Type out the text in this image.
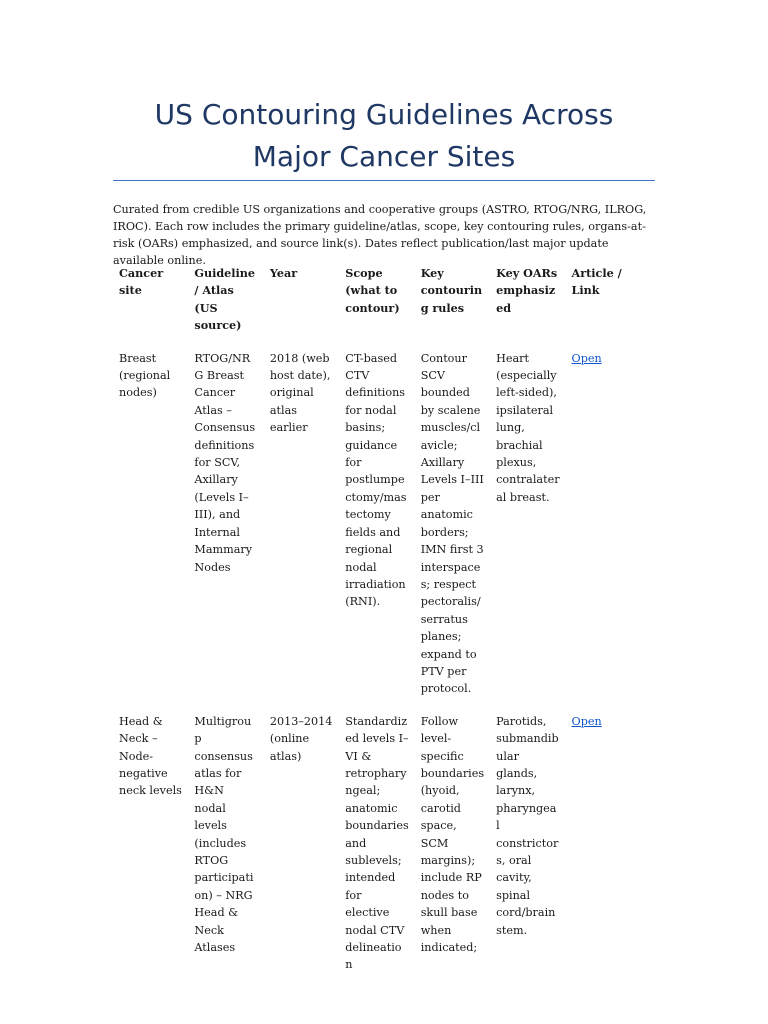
US Contouring Guidelines Across Major Cancer Sites

Curated from credible US organizations and cooperative groups (ASTRO, RTOG/NRG, ILROG, IROC). Each row includes the primary guideline/atlas, scope, key contouring rules, organs-at-risk (OARs) emphasized, and source link(s). Dates reflect publication/last major update available online.

Cancer site	Guideline / Atlas (US source)	Year	Scope (what to contour)	Key contouring rules	Key OARs emphasized	Article / Link
Breast (regional nodes)	RTOG/NRG Breast Cancer Atlas – Consensus definitions for SCV, Axillary (Levels I–III), and Internal Mammary Nodes	2018 (web host date), original atlas earlier	CT-based CTV definitions for nodal basins; guidance for postlumpectomy/mastectomy fields and regional nodal irradiation (RNI).	Contour SCV bounded by scalene muscles/clavicle; Axillary Levels I–III per anatomic borders; IMN first 3 interspaces; respect pectoralis/serratus planes; expand to PTV per protocol.	Heart (especially left-sided), ipsilateral lung, brachial plexus, contralateral breast.	Open
Head & Neck – Node-negative neck levels	Multigroup consensus atlas for H&N nodal levels (includes RTOG participation) – NRG Head & Neck Atlases	2013–2014 (online atlas)	Standardized levels I–VI & retropharyngeal; anatomic boundaries and sublevels; intended for elective nodal CTV delineation	Follow level-specific boundaries (hyoid, carotid space, SCM margins); include RP nodes to skull base when indicated;	Parotids, submandibular glands, larynx, pharyngeal constrictors, oral cavity, spinal cord/brainstem.	Open
